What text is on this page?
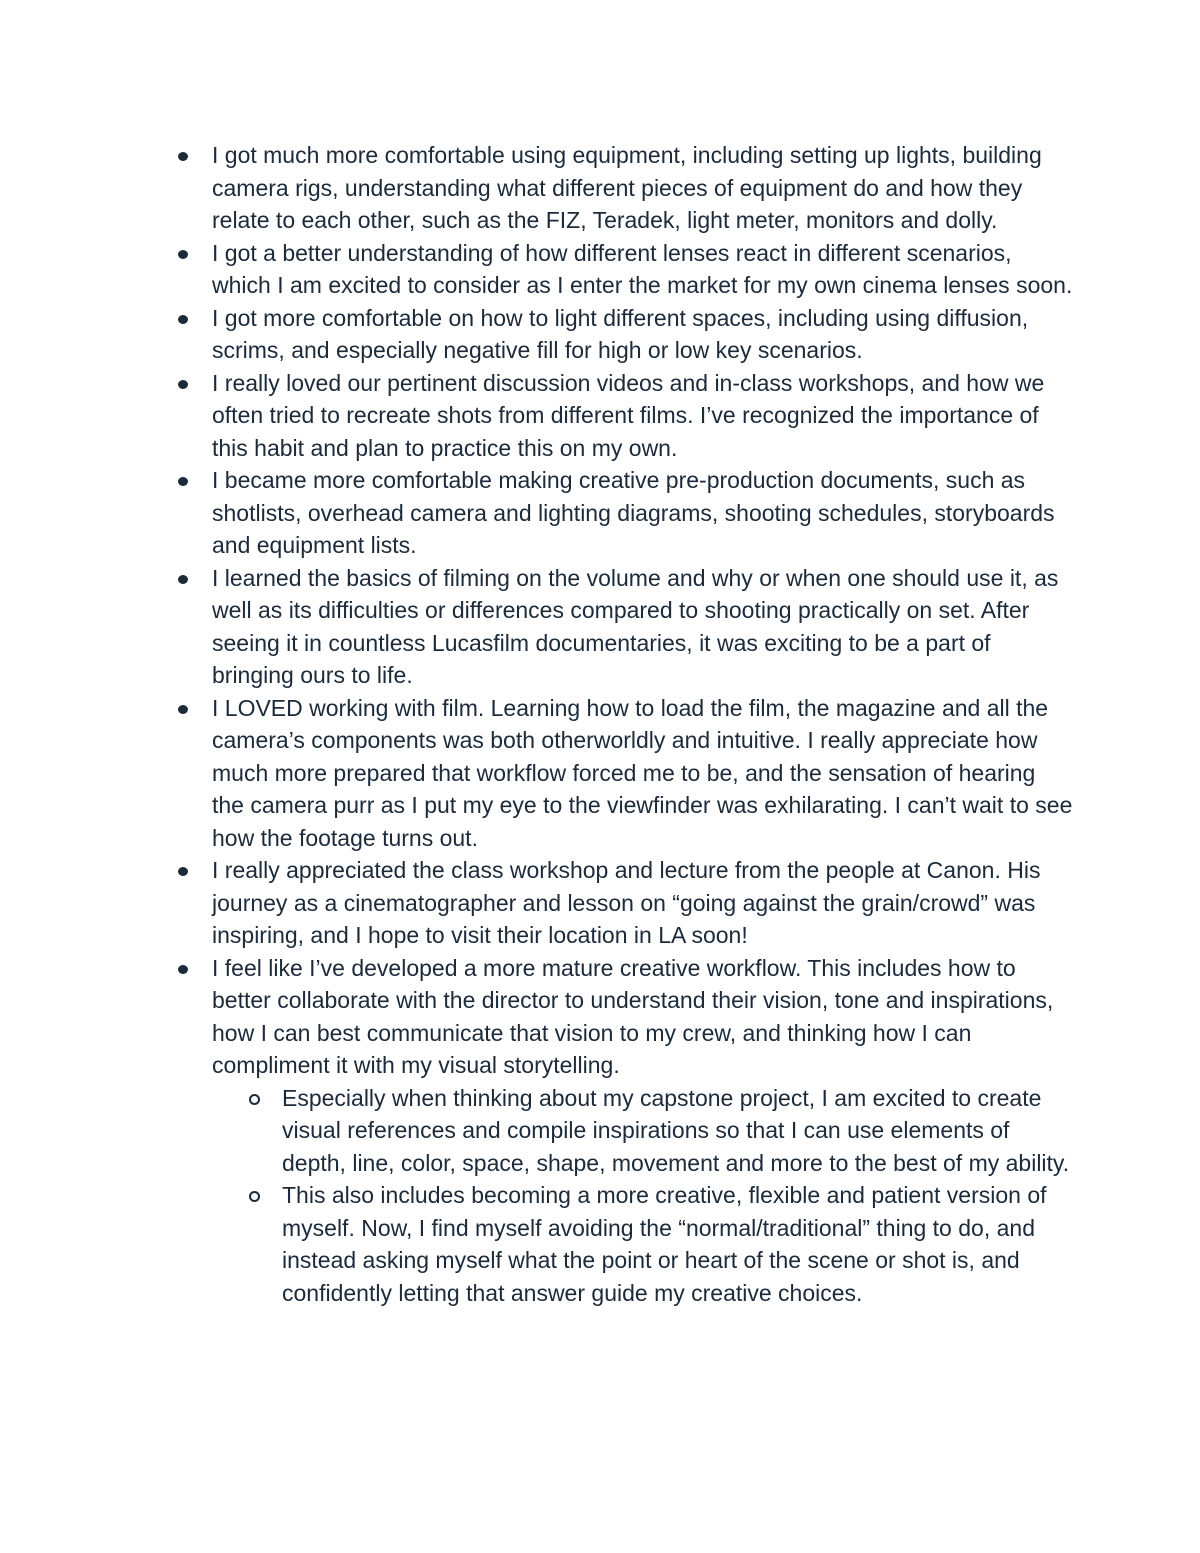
I got much more comfortable using equipment, including setting up lights, building camera rigs, understanding what different pieces of equipment do and how they relate to each other, such as the FIZ, Teradek, light meter, monitors and dolly.
I got a better understanding of how different lenses react in different scenarios, which I am excited to consider as I enter the market for my own cinema lenses soon.
I got more comfortable on how to light different spaces, including using diffusion, scrims, and especially negative fill for high or low key scenarios.
I really loved our pertinent discussion videos and in-class workshops, and how we often tried to recreate shots from different films. I’ve recognized the importance of this habit and plan to practice this on my own.
I became more comfortable making creative pre-production documents, such as shotlists, overhead camera and lighting diagrams, shooting schedules, storyboards and equipment lists.
I learned the basics of filming on the volume and why or when one should use it, as well as its difficulties or differences compared to shooting practically on set. After seeing it in countless Lucasfilm documentaries, it was exciting to be a part of bringing ours to life.
I LOVED working with film. Learning how to load the film, the magazine and all the camera’s components was both otherworldly and intuitive. I really appreciate how much more prepared that workflow forced me to be, and the sensation of hearing the camera purr as I put my eye to the viewfinder was exhilarating. I can’t wait to see how the footage turns out.
I really appreciated the class workshop and lecture from the people at Canon. His journey as a cinematographer and lesson on “going against the grain/crowd” was inspiring, and I hope to visit their location in LA soon!
I feel like I’ve developed a more mature creative workflow. This includes how to better collaborate with the director to understand their vision, tone and inspirations, how I can best communicate that vision to my crew, and thinking how I can compliment it with my visual storytelling.
Especially when thinking about my capstone project, I am excited to create visual references and compile inspirations so that I can use elements of depth, line, color, space, shape, movement and more to the best of my ability.
This also includes becoming a more creative, flexible and patient version of myself. Now, I find myself avoiding the “normal/traditional” thing to do, and instead asking myself what the point or heart of the scene or shot is, and confidently letting that answer guide my creative choices.
